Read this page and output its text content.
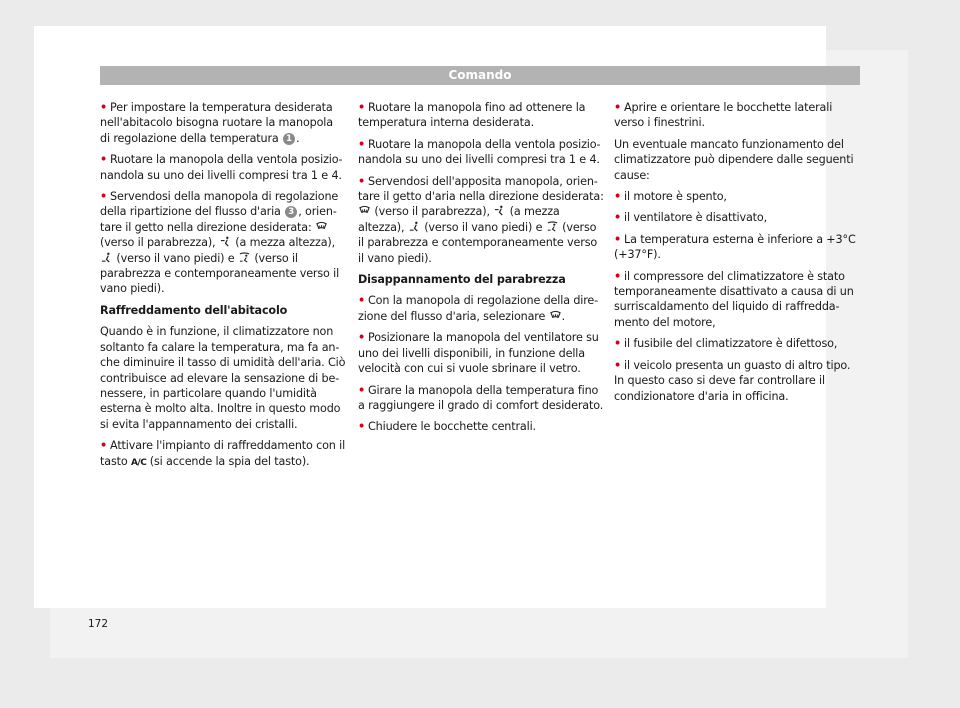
Comando

• Per impostare la temperatura desiderata nell'abitacolo bisogna ruotare la manopola di regolazione della temperatura 1 .

• Ruotare la manopola della ventola posizionandola su uno dei livelli compresi tra 1 e 4.

• Servendosi della manopola di regolazione della ripartizione del flusso d'aria 3 , orientare il getto nella direzione desiderata:
(verso il parabrezza),
(a mezza altezza),
(verso il vano piedi) e
(verso il parabrezza e contemporaneamente verso il vano piedi).

Raffreddamento dell'abitacolo

Quando è in funzione, il climatizzatore non soltanto fa calare la temperatura, ma fa anche diminuire il tasso di umidità dell'aria. Ciò contribuisce ad elevare la sensazione di benessere, in particolare quando l'umidità esterna è molto alta. Inoltre in questo modo si evita l'appannamento dei cristalli.

• Attivare l'impianto di raffreddamento con il tasto A/C (si accende la spia del tasto).

• Ruotare la manopola fino ad ottenere la temperatura interna desiderata.

• Ruotare la manopola della ventola posizionandola su uno dei livelli compresi tra 1 e 4.

• Servendosi dell'apposita manopola, orientare il getto d'aria nella direzione desiderata:
(verso il parabrezza),
(a mezza altezza),
(verso il vano piedi) e
(verso il parabrezza e contemporaneamente verso il vano piedi).

Disappannamento del parabrezza

• Con la manopola di regolazione della direzione del flusso d'aria, selezionare
.

• Posizionare la manopola del ventilatore su uno dei livelli disponibili, in funzione della velocità con cui si vuole sbrinare il vetro.

• Girare la manopola della temperatura fino a raggiungere il grado di comfort desiderato.

• Chiudere le bocchette centrali.

• Aprire e orientare le bocchette laterali verso i finestrini.

Un eventuale mancato funzionamento del climatizzatore può dipendere dalle seguenti cause:

• il motore è spento,

• il ventilatore è disattivato,

• La temperatura esterna è inferiore a +3°C (+37°F).

• il compressore del climatizzatore è stato temporaneamente disattivato a causa di un surriscaldamento del liquido di raffreddamento del motore,

• il fusibile del climatizzatore è difettoso,

• il veicolo presenta un guasto di altro tipo. In questo caso si deve far controllare il condizionatore d'aria in officina.

172
